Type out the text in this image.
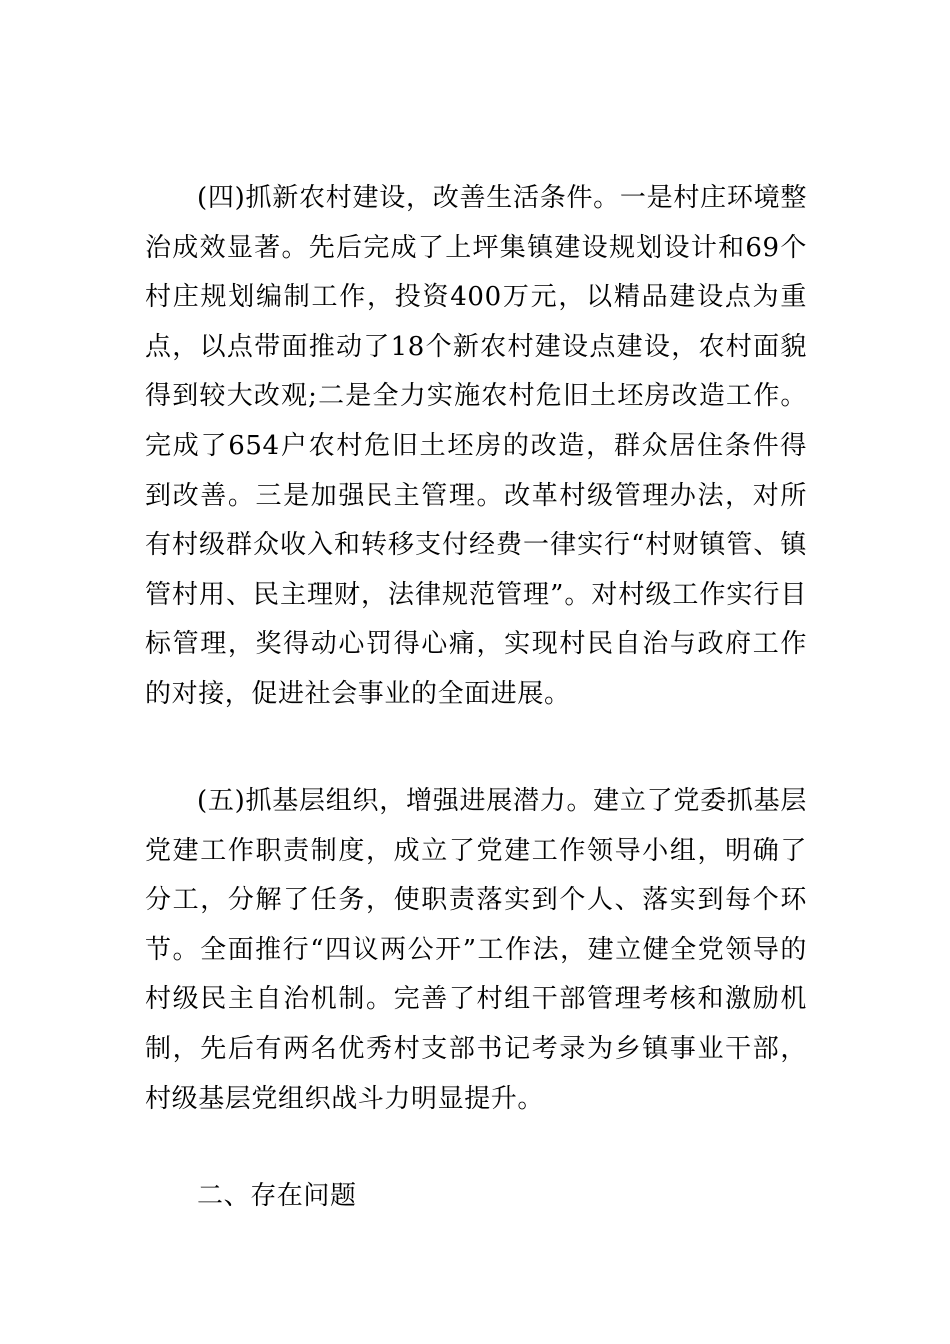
(四)抓新农村建设，改善生活条件。一是村庄环境整治成效显著。先后完成了上坪集镇建设规划设计和69个村庄规划编制工作，投资400万元，以精品建设点为重点，以点带面推动了18个新农村建设点建设，农村面貌得到较大改观;二是全力实施农村危旧土坯房改造工作。完成了654户农村危旧土坯房的改造，群众居住条件得到改善。三是加强民主管理。改革村级管理办法，对所有村级群众收入和转移支付经费一律实行“村财镇管、镇管村用、民主理财，法律规范管理”。对村级工作实行目标管理，奖得动心罚得心痛，实现村民自治与政府工作的对接，促进社会事业的全面进展。

(五)抓基层组织，增强进展潜力。建立了党委抓基层党建工作职责制度，成立了党建工作领导小组，明确了分工，分解了任务，使职责落实到个人、落实到每个环节。全面推行“四议两公开”工作法，建立健全党领导的村级民主自治机制。完善了村组干部管理考核和激励机制，先后有两名优秀村支部书记考录为乡镇事业干部，村级基层党组织战斗力明显提升。

二、存在问题
